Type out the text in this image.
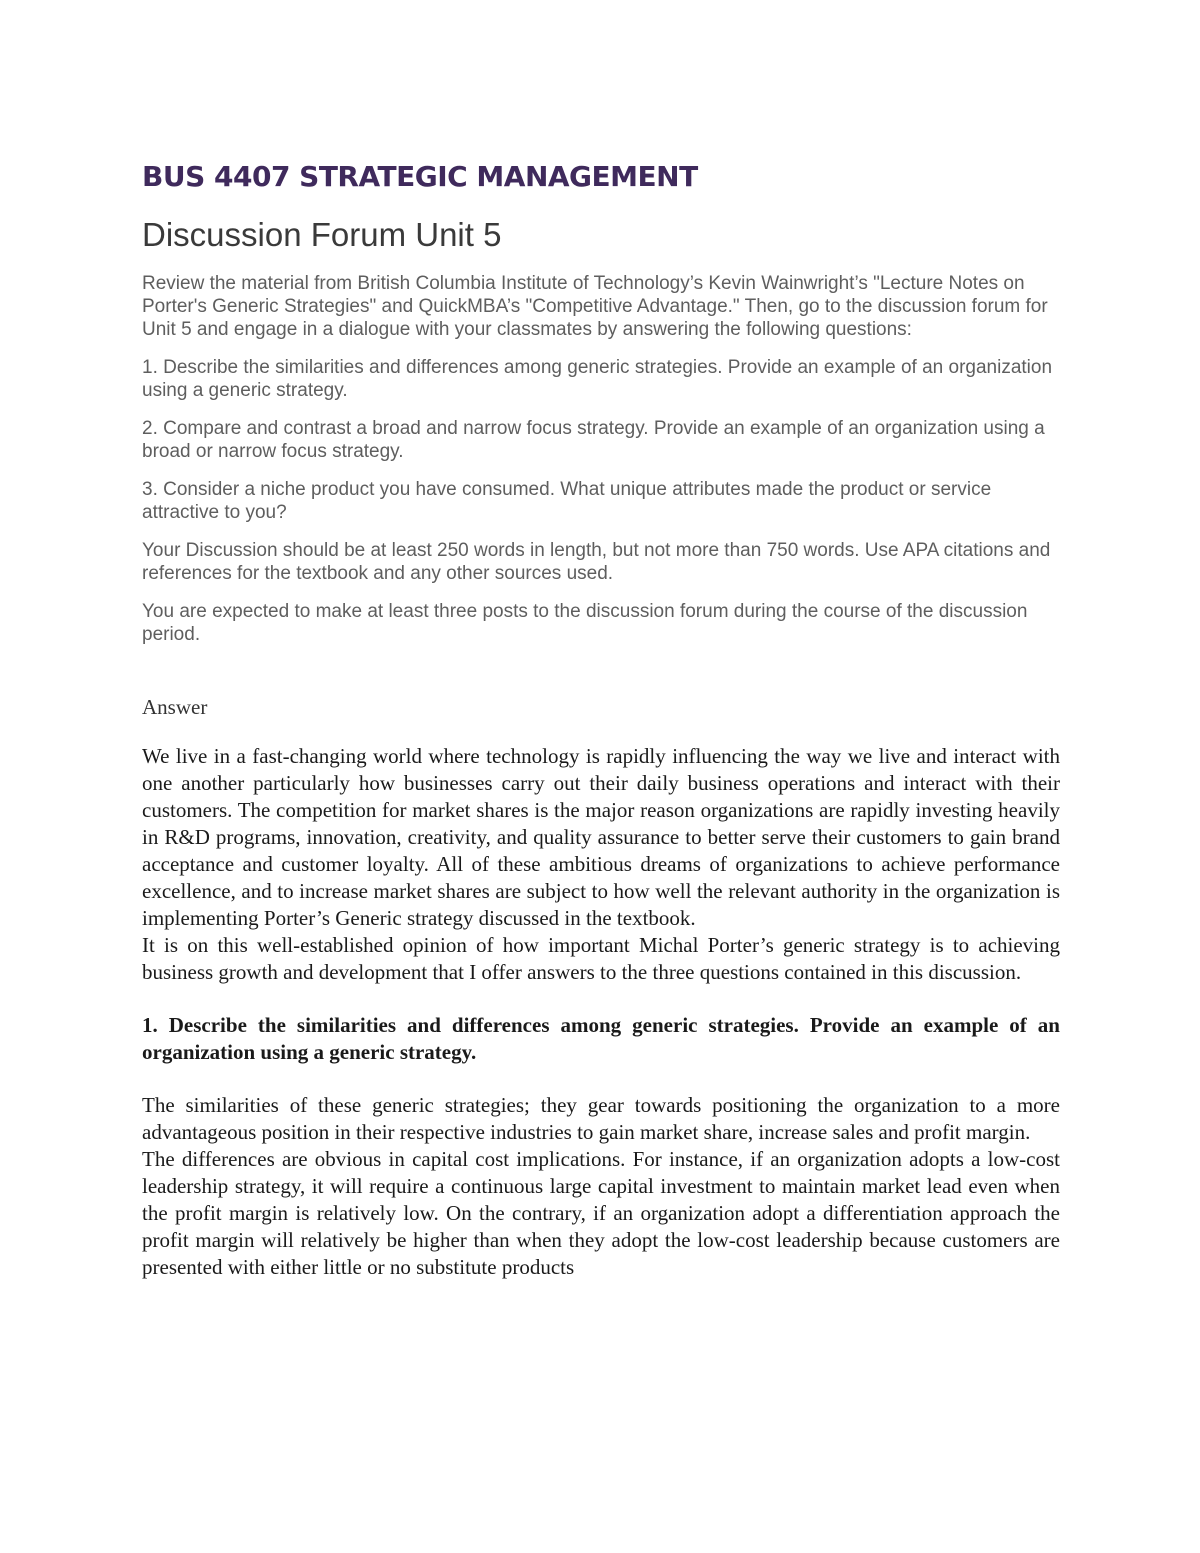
BUS 4407 STRATEGIC MANAGEMENT
Discussion Forum Unit 5

Review the material from British Columbia Institute of Technology’s Kevin Wainwright’s "Lecture Notes on Porter's Generic Strategies" and QuickMBA’s "Competitive Advantage." Then, go to the discussion forum for Unit 5 and engage in a dialogue with your classmates by answering the following questions:

1. Describe the similarities and differences among generic strategies. Provide an example of an organization using a generic strategy.

2. Compare and contrast a broad and narrow focus strategy. Provide an example of an organization using a broad or narrow focus strategy.

3. Consider a niche product you have consumed. What unique attributes made the product or service attractive to you?

Your Discussion should be at least 250 words in length, but not more than 750 words. Use APA citations and references for the textbook and any other sources used.

You are expected to make at least three posts to the discussion forum during the course of the discussion period.

Answer

We live in a fast-changing world where technology is rapidly influencing the way we live and interact with one another particularly how businesses carry out their daily business operations and interact with their customers. The competition for market shares is the major reason organizations are rapidly investing heavily in R&D programs, innovation, creativity, and quality assurance to better serve their customers to gain brand acceptance and customer loyalty. All of these ambitious dreams of organizations to achieve performance excellence, and to increase market shares are subject to how well the relevant authority in the organization is implementing Porter’s Generic strategy discussed in the textbook.

It is on this well-established opinion of how important Michal Porter’s generic strategy is to achieving business growth and development that I offer answers to the three questions contained in this discussion.

1. Describe the similarities and differences among generic strategies. Provide an example of an organization using a generic strategy.

The similarities of these generic strategies; they gear towards positioning the organization to a more advantageous position in their respective industries to gain market share, increase sales and profit margin.

The differences are obvious in capital cost implications. For instance, if an organization adopts a low-cost leadership strategy, it will require a continuous large capital investment to maintain market lead even when the profit margin is relatively low. On the contrary, if an organization adopt a differentiation approach the profit margin will relatively be higher than when they adopt the low-cost leadership because customers are presented with either little or no substitute products
